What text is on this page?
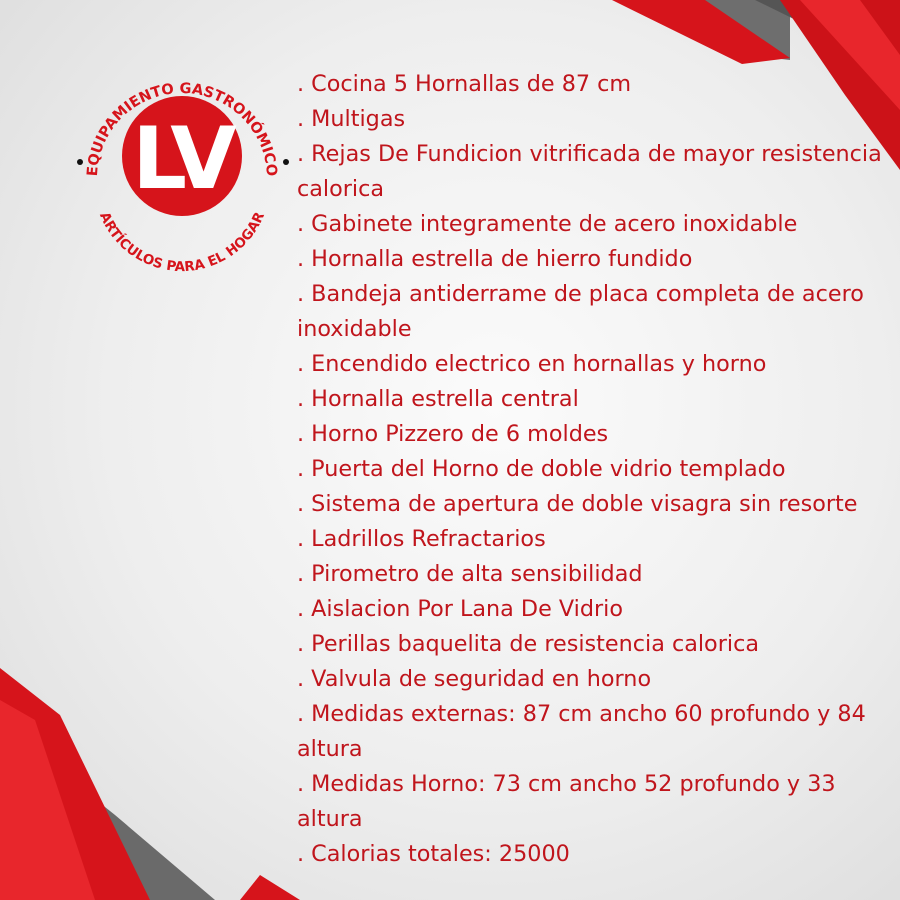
LV
EQUIPAMIENTO GASTRONÓMICO
ARTÍCULOS PARA EL HOGAR
. Cocina 5 Hornallas de 87 cm
. Multigas
. Rejas De Fundicion vitrificada de mayor resistencia calorica
. Gabinete integramente de acero inoxidable
. Hornalla estrella de hierro fundido
. Bandeja antiderrame de placa completa de acero inoxidable
. Encendido electrico en hornallas y horno
. Hornalla estrella central
. Horno Pizzero de 6 moldes
. Puerta del Horno de doble vidrio templado
. Sistema de apertura de doble visagra sin resorte
. Ladrillos Refractarios
. Pirometro de alta sensibilidad
. Aislacion Por Lana De Vidrio
. Perillas baquelita de resistencia calorica
. Valvula de seguridad en horno
. Medidas externas: 87 cm ancho 60 profundo y 84 altura
. Medidas Horno: 73 cm ancho 52 profundo y 33 altura
. Calorias totales: 25000
